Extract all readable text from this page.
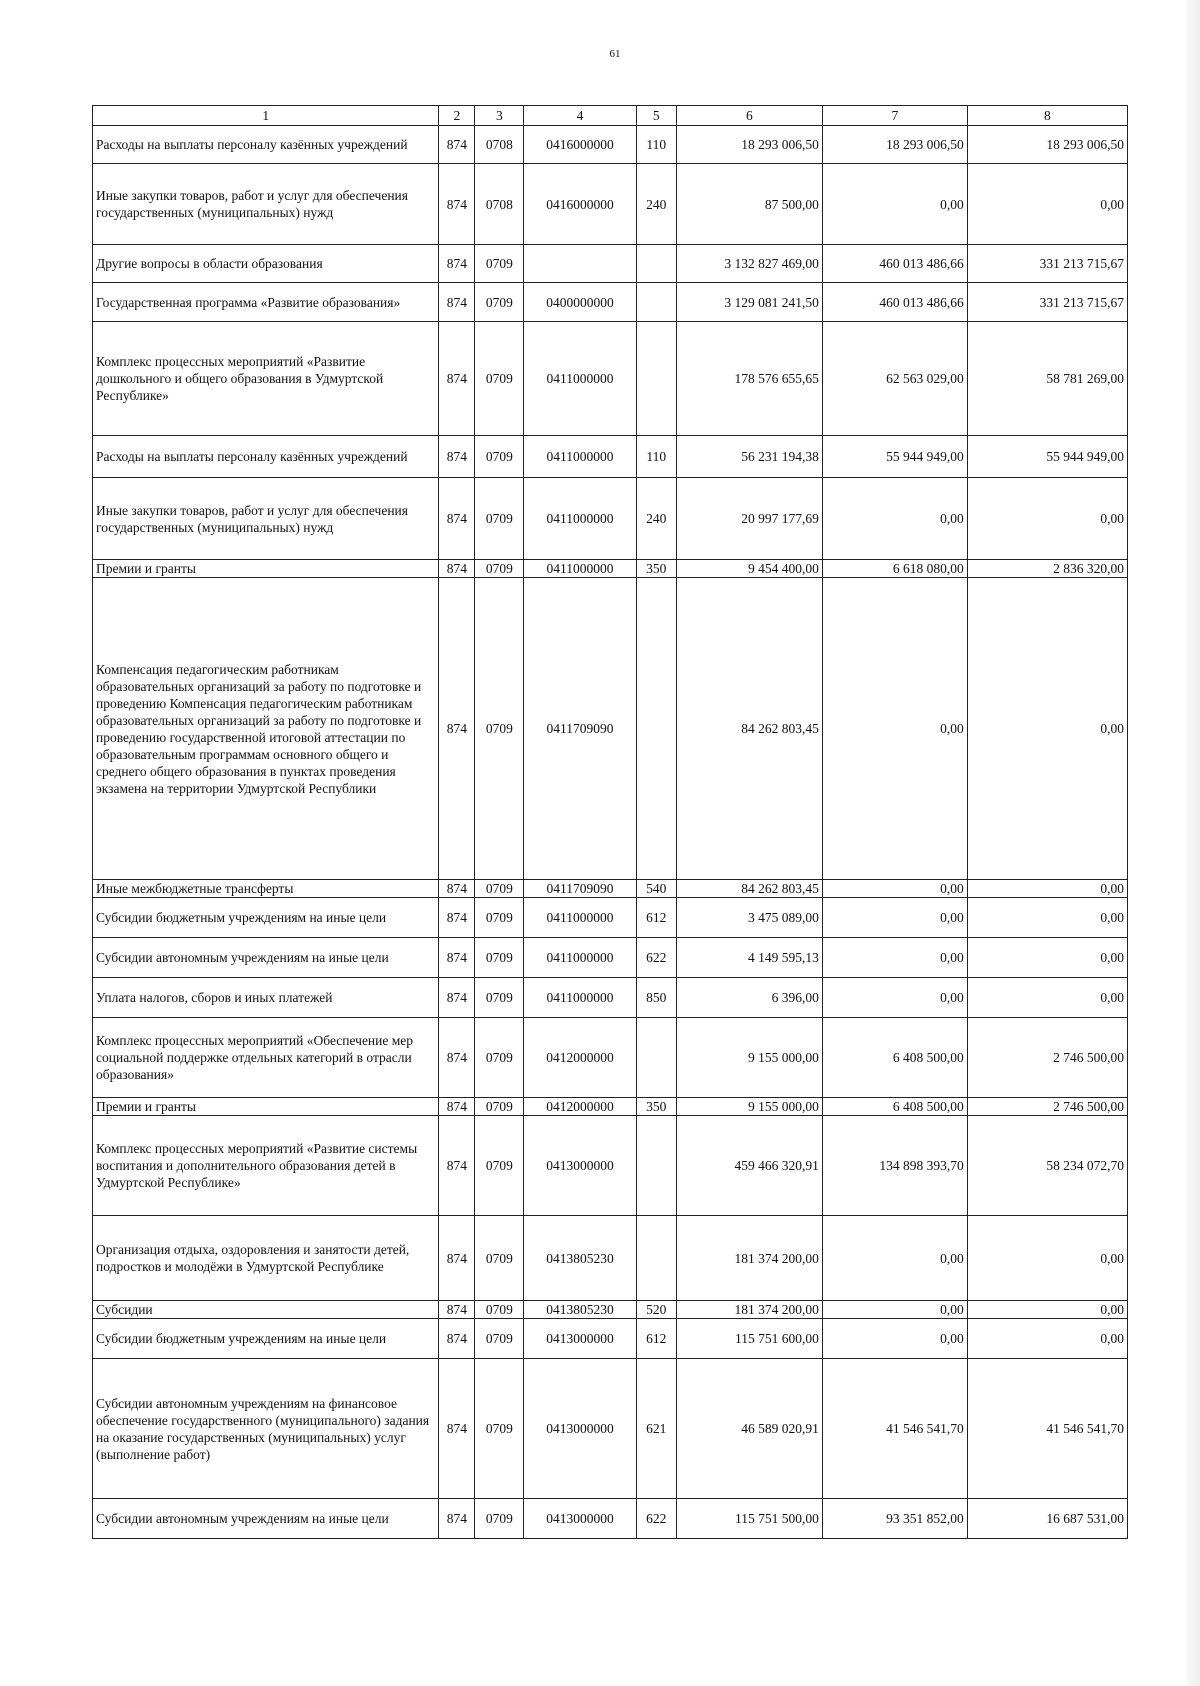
61
1	2	3	4	5	6	7	8
Расходы на выплаты персоналу казённых учреждений	874	0708	0416000000	110	18 293 006,50	18 293 006,50	18 293 006,50
Иные закупки товаров, работ и услуг для обеспечения государственных (муниципальных) нужд	874	0708	0416000000	240	87 500,00	0,00	0,00
Другие вопросы в области образования	874	0709			3 132 827 469,00	460 013 486,66	331 213 715,67
Государственная программа «Развитие образования»	874	0709	0400000000		3 129 081 241,50	460 013 486,66	331 213 715,67
Комплекс процессных мероприятий «Развитие дошкольного и общего образования в Удмуртской Республике»	874	0709	0411000000		178 576 655,65	62 563 029,00	58 781 269,00
Расходы на выплаты персоналу казённых учреждений	874	0709	0411000000	110	56 231 194,38	55 944 949,00	55 944 949,00
Иные закупки товаров, работ и услуг для обеспечения государственных (муниципальных) нужд	874	0709	0411000000	240	20 997 177,69	0,00	0,00
Премии и гранты	874	0709	0411000000	350	9 454 400,00	6 618 080,00	2 836 320,00
Компенсация педагогическим работникам образовательных организаций за работу по подготовке и проведению Компенсация педагогическим работникам образовательных организаций за работу по подготовке и проведению государственной итоговой аттестации по образовательным программам основного общего и среднего общего образования в пунктах проведения экзамена на территории Удмуртской Республики	874	0709	0411709090		84 262 803,45	0,00	0,00
Иные межбюджетные трансферты	874	0709	0411709090	540	84 262 803,45	0,00	0,00
Субсидии бюджетным учреждениям на иные цели	874	0709	0411000000	612	3 475 089,00	0,00	0,00
Субсидии автономным учреждениям на иные цели	874	0709	0411000000	622	4 149 595,13	0,00	0,00
Уплата налогов, сборов и иных платежей	874	0709	0411000000	850	6 396,00	0,00	0,00
Комплекс процессных мероприятий «Обеспечение мер социальной поддержке отдельных категорий в отрасли образования»	874	0709	0412000000		9 155 000,00	6 408 500,00	2 746 500,00
Премии и гранты	874	0709	0412000000	350	9 155 000,00	6 408 500,00	2 746 500,00
Комплекс процессных мероприятий «Развитие системы воспитания и дополнительного образования детей в Удмуртской Республике»	874	0709	0413000000		459 466 320,91	134 898 393,70	58 234 072,70
Организация отдыха, оздоровления и занятости детей, подростков и молодёжи в Удмуртской Республике	874	0709	0413805230		181 374 200,00	0,00	0,00
Субсидии	874	0709	0413805230	520	181 374 200,00	0,00	0,00
Субсидии бюджетным учреждениям на иные цели	874	0709	0413000000	612	115 751 600,00	0,00	0,00
Субсидии автономным учреждениям на финансовое обеспечение государственного (муниципального) задания на оказание государственных (муниципальных) услуг (выполнение работ)	874	0709	0413000000	621	46 589 020,91	41 546 541,70	41 546 541,70
Субсидии автономным учреждениям на иные цели	874	0709	0413000000	622	115 751 500,00	93 351 852,00	16 687 531,00
